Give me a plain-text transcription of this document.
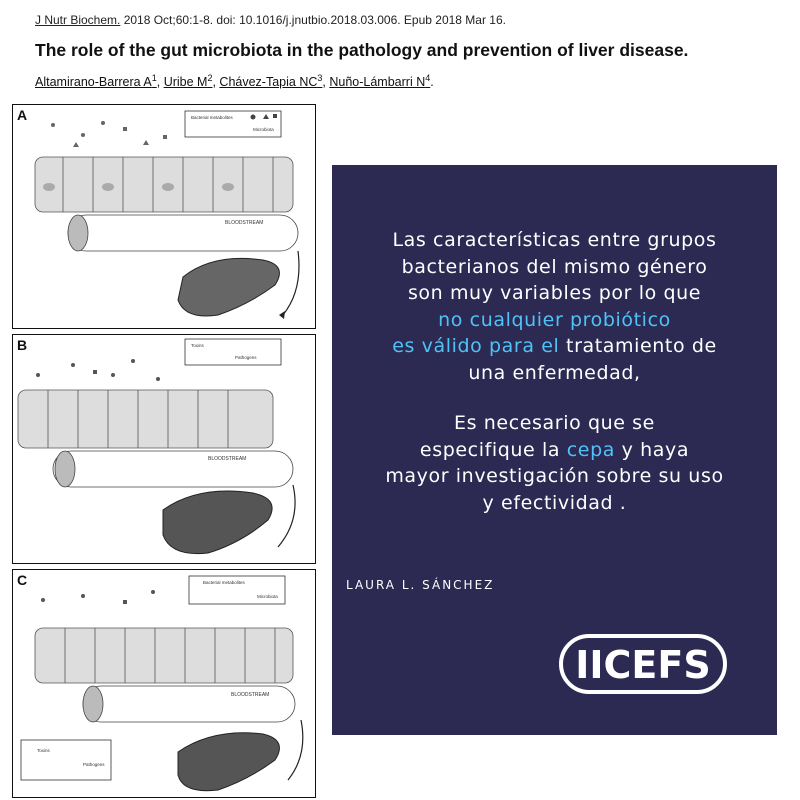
J Nutr Biochem. 2018 Oct;60:1-8. doi: 10.1016/j.jnutbio.2018.03.006. Epub 2018 Mar 16.
The role of the gut microbiota in the pathology and prevention of liver disease.
Altamirano-Barrera $A^1$, Uribe $M^2$, Chávez-Tapia $NC^3$, Nuño-Lámbarri $N^4$.
A	Bacterial metabolites
Microbiota
BLOODSTREAM
B	Toxins
Pathogens
BLOODSTREAM
C	Bacterial metabolites
Microbiota
BLOODSTREAM
Toxins
Pathogens
Las características entre grupos
bacterianos del mismo género
son muy variables por lo que
no cualquier probiótico
es válido para el tratamiento de
una enfermedad,
Es necesario que se
especifique la cepa y haya
mayor investigación sobre su uso
y efectividad .
LAURA L. SÁNCHEZ
IICEFS
